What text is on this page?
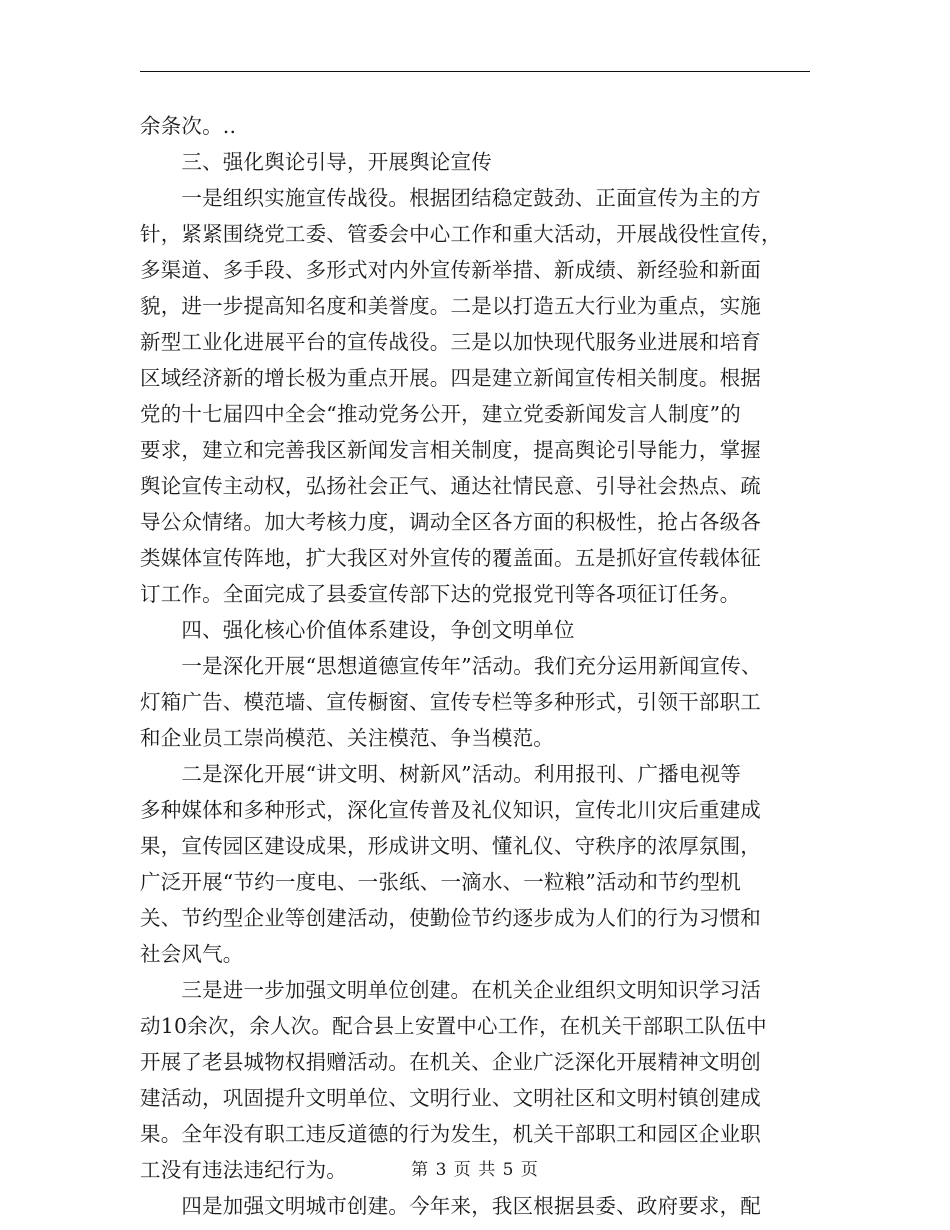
余条次。..
　　三、强化舆论引导，开展舆论宣传
　　一是组织实施宣传战役。根据团结稳定鼓劲、正面宣传为主的方
针，紧紧围绕党工委、管委会中心工作和重大活动，开展战役性宣传，
多渠道、多手段、多形式对内外宣传新举措、新成绩、新经验和新面
貌，进一步提高知名度和美誉度。二是以打造五大行业为重点，实施
新型工业化进展平台的宣传战役。三是以加快现代服务业进展和培育
区域经济新的增长极为重点开展。四是建立新闻宣传相关制度。根据
党的十七届四中全会“推动党务公开，建立党委新闻发言人制度”的
要求，建立和完善我区新闻发言相关制度，提高舆论引导能力，掌握
舆论宣传主动权，弘扬社会正气、通达社情民意、引导社会热点、疏
导公众情绪。加大考核力度，调动全区各方面的积极性，抢占各级各
类媒体宣传阵地，扩大我区对外宣传的覆盖面。五是抓好宣传载体征
订工作。全面完成了县委宣传部下达的党报党刊等各项征订任务。
　　四、强化核心价值体系建设，争创文明单位
　　一是深化开展“思想道德宣传年”活动。我们充分运用新闻宣传、
灯箱广告、模范墙、宣传橱窗、宣传专栏等多种形式，引领干部职工
和企业员工崇尚模范、关注模范、争当模范。
　　二是深化开展“讲文明、树新风”活动。利用报刊、广播电视等
多种媒体和多种形式，深化宣传普及礼仪知识，宣传北川灾后重建成
果，宣传园区建设成果，形成讲文明、懂礼仪、守秩序的浓厚氛围，
广泛开展“节约一度电、一张纸、一滴水、一粒粮”活动和节约型机
关、节约型企业等创建活动，使勤俭节约逐步成为人们的行为习惯和
社会风气。
　　三是进一步加强文明单位创建。在机关企业组织文明知识学习活
动10余次，余人次。配合县上安置中心工作，在机关干部职工队伍中
开展了老县城物权捐赠活动。在机关、企业广泛深化开展精神文明创
建活动，巩固提升文明单位、文明行业、文明社区和文明村镇创建成
果。全年没有职工违反道德的行为发生，机关干部职工和园区企业职
工没有违法违纪行为。
　　四是加强文明城市创建。今年来，我区根据县委、政府要求，配
第 3 页 共 5 页
